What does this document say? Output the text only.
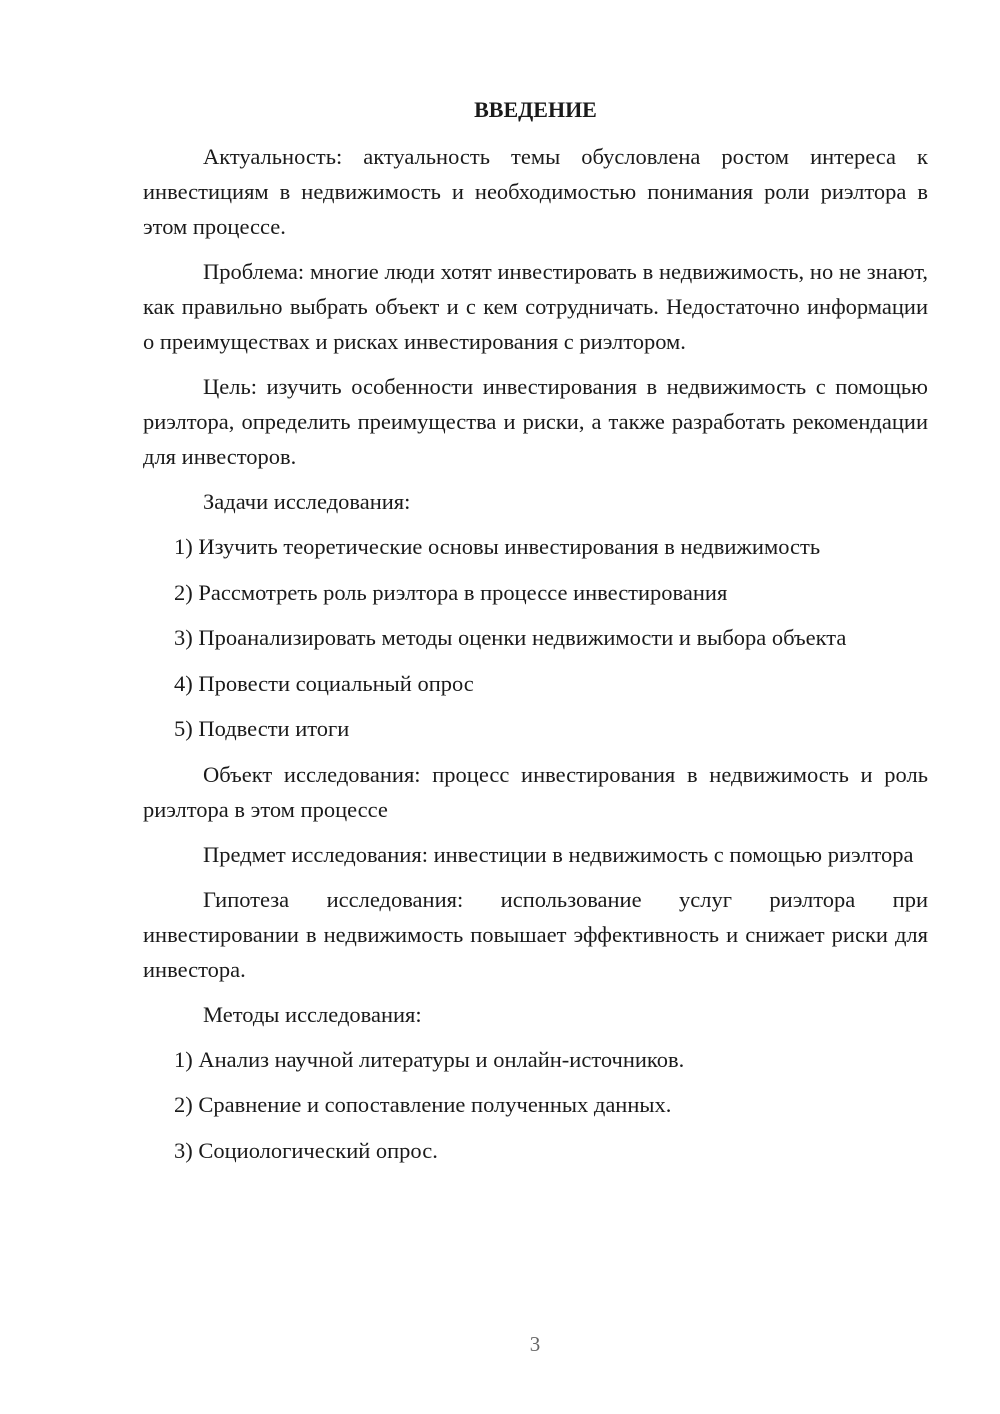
ВВЕДЕНИЕ

Актуальность: актуальность темы обусловлена ростом интереса к инвестициям в недвижимость и необходимостью понимания роли риэлтора в этом процессе.

Проблема: многие люди хотят инвестировать в недвижимость, но не знают, как правильно выбрать объект и с кем сотрудничать. Недостаточно информации о преимуществах и рисках инвестирования с риэлтором.

Цель: изучить особенности инвестирования в недвижимость с помощью риэлтора, определить преимущества и риски, а также разработать рекомендации для инвесторов.

Задачи исследования:

1) Изучить теоретические основы инвестирования в недвижимость
2) Рассмотреть роль риэлтора в процессе инвестирования
3) Проанализировать методы оценки недвижимости и выбора объекта
4) Провести социальный опрос
5) Подвести итоги

Объект исследования: процесс инвестирования в недвижимость и роль риэлтора в этом процессе

Предмет исследования: инвестиции в недвижимость с помощью риэлтора

Гипотеза исследования: использование услуг риэлтора при инвестировании в недвижимость повышает эффективность и снижает риски для инвестора.

Методы исследования:

1) Анализ научной литературы и онлайн-источников.
2) Сравнение и сопоставление полученных данных.
3) Социологический опрос.
3
